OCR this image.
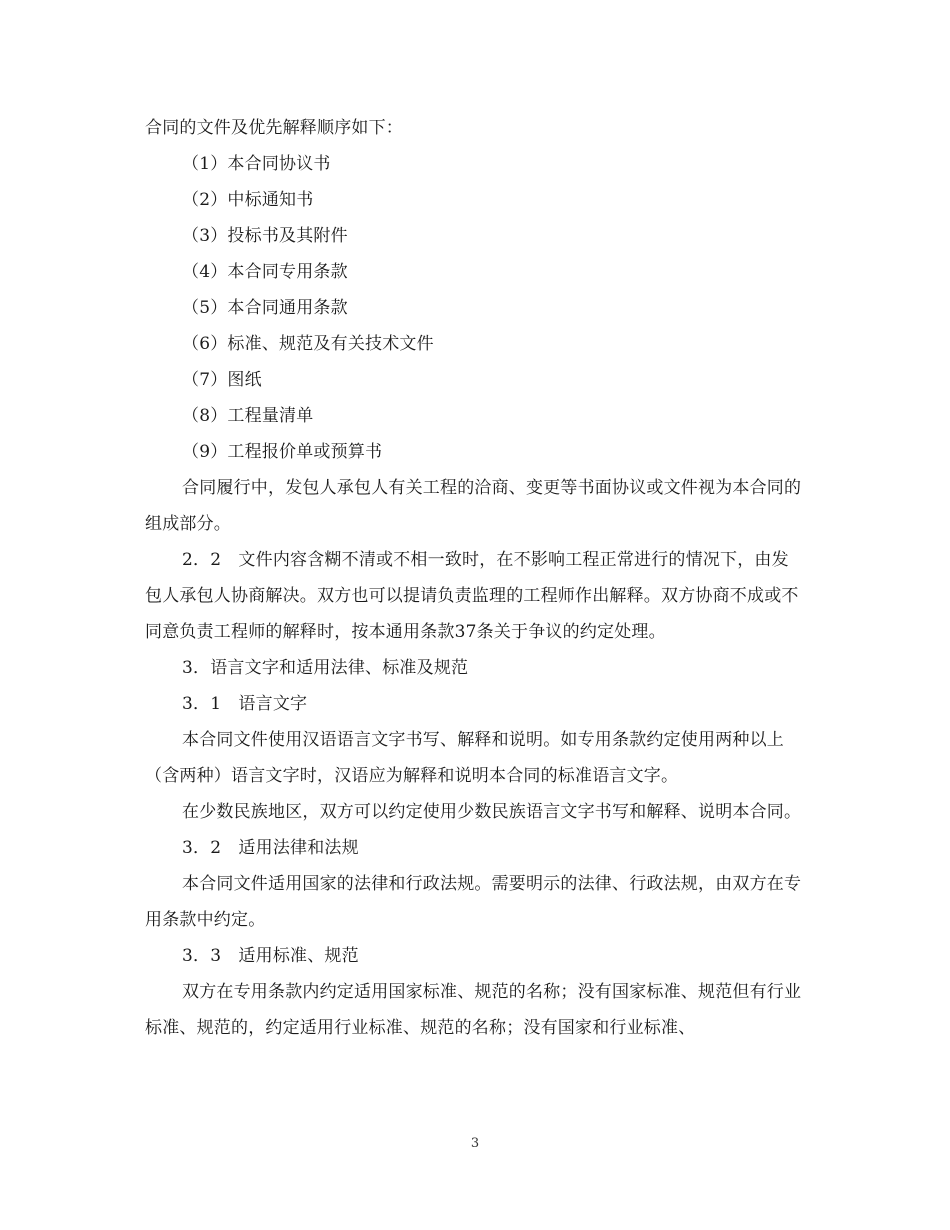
合同的文件及优先解释顺序如下：

（1）本合同协议书

（2）中标通知书

（3）投标书及其附件

（4）本合同专用条款

（5）本合同通用条款

（6）标准、规范及有关技术文件

（7）图纸

（8）工程量清单

（9）工程报价单或预算书

合同履行中，发包人承包人有关工程的洽商、变更等书面协议或文件视为本合同的组成部分。

2．2　文件内容含糊不清或不相一致时，在不影响工程正常进行的情况下，由发包人承包人协商解决。双方也可以提请负责监理的工程师作出解释。双方协商不成或不同意负责工程师的解释时，按本通用条款37条关于争议的约定处理。

3．语言文字和适用法律、标准及规范

3．1　语言文字

本合同文件使用汉语语言文字书写、解释和说明。如专用条款约定使用两种以上（含两种）语言文字时，汉语应为解释和说明本合同的标准语言文字。

在少数民族地区，双方可以约定使用少数民族语言文字书写和解释、说明本合同。

3．2　适用法律和法规

本合同文件适用国家的法律和行政法规。需要明示的法律、行政法规，由双方在专用条款中约定。

3．3　适用标准、规范

双方在专用条款内约定适用国家标准、规范的名称；没有国家标准、规范但有行业标准、规范的，约定适用行业标准、规范的名称；没有国家和行业标准、

3
